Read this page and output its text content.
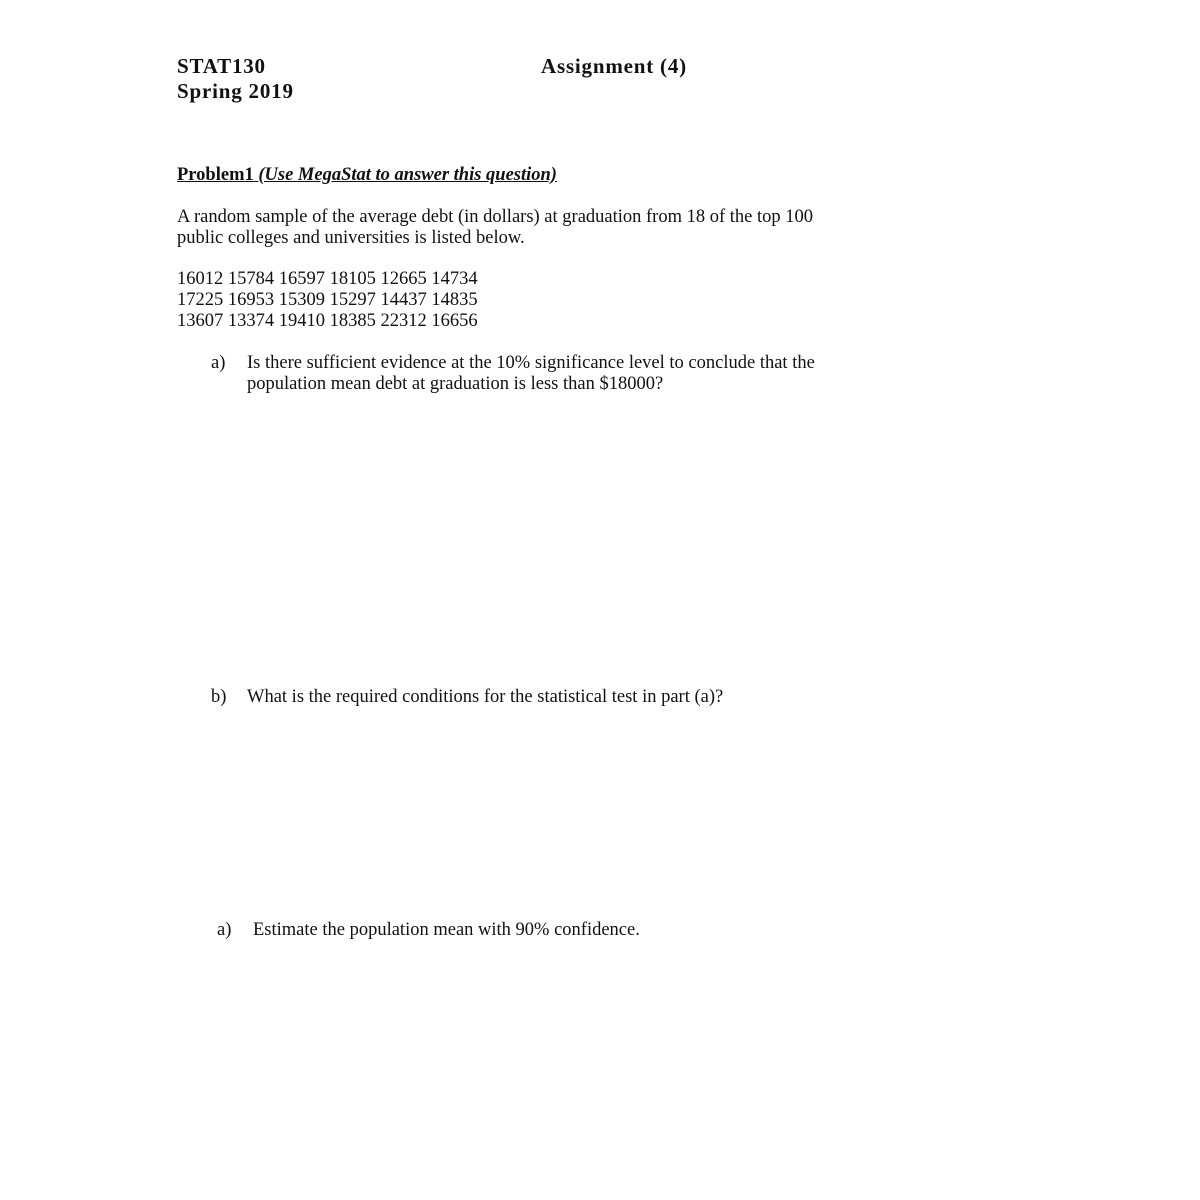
STAT130
Spring 2019
Assignment (4)
Problem1 (Use MegaStat to answer this question)
A random sample of the average debt (in dollars) at graduation from 18 of the top 100
public colleges and universities is listed below.
16012 15784 16597 18105 12665 14734
17225 16953 15309 15297 14437 14835
13607 13374 19410 18385 22312 16656
a) Is there sufficient evidence at the 10% significance level to conclude that the
population mean debt at graduation is less than $18000?
b) What is the required conditions for the statistical test in part (a)?
a) Estimate the population mean with 90% confidence.
